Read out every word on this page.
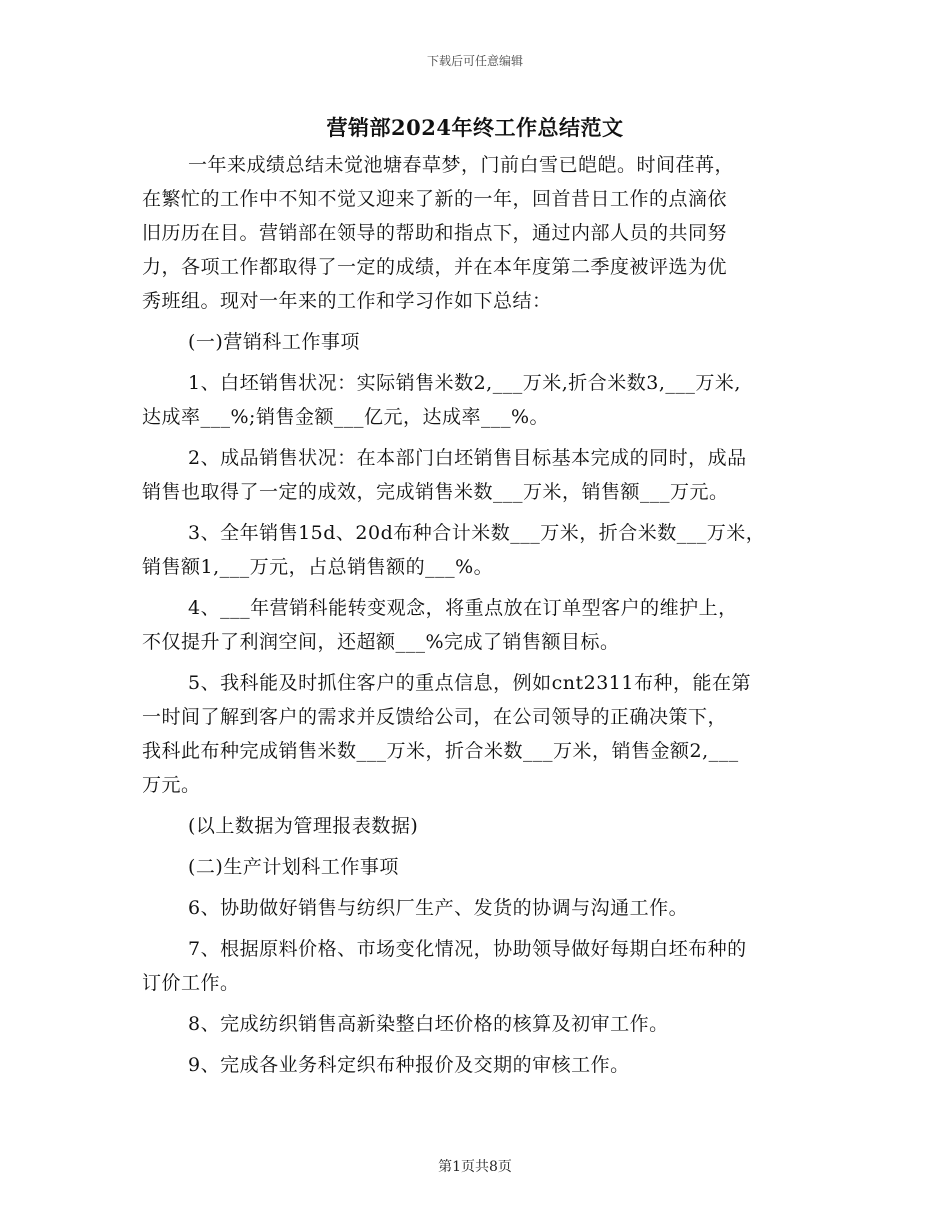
下载后可任意编辑
营销部2024年终工作总结范文
一年来成绩总结未觉池塘春草梦，门前白雪已皑皑。时间荏苒，
在繁忙的工作中不知不觉又迎来了新的一年，回首昔日工作的点滴依
旧历历在目。营销部在领导的帮助和指点下，通过内部人员的共同努
力，各项工作都取得了一定的成绩，并在本年度第二季度被评选为优
秀班组。现对一年来的工作和学习作如下总结：
(一)营销科工作事项
1、白坯销售状况：实际销售米数2,___万米,折合米数3,___万米,
达成率___%;销售金额___亿元，达成率___%。
2、成品销售状况：在本部门白坯销售目标基本完成的同时，成品
销售也取得了一定的成效，完成销售米数___万米，销售额___万元。
3、全年销售15d、20d布种合计米数___万米，折合米数___万米，
销售额1,___万元，占总销售额的___%。
4、___年营销科能转变观念，将重点放在订单型客户的维护上，
不仅提升了利润空间，还超额___%完成了销售额目标。
5、我科能及时抓住客户的重点信息，例如cnt2311布种，能在第
一时间了解到客户的需求并反馈给公司，在公司领导的正确决策下，
我科此布种完成销售米数___万米，折合米数___万米，销售金额2,___
万元。
(以上数据为管理报表数据)
(二)生产计划科工作事项
6、协助做好销售与纺织厂生产、发货的协调与沟通工作。
7、根据原料价格、市场变化情况，协助领导做好每期白坯布种的
订价工作。
8、完成纺织销售高新染整白坯价格的核算及初审工作。
9、完成各业务科定织布种报价及交期的审核工作。
第1页共8页
